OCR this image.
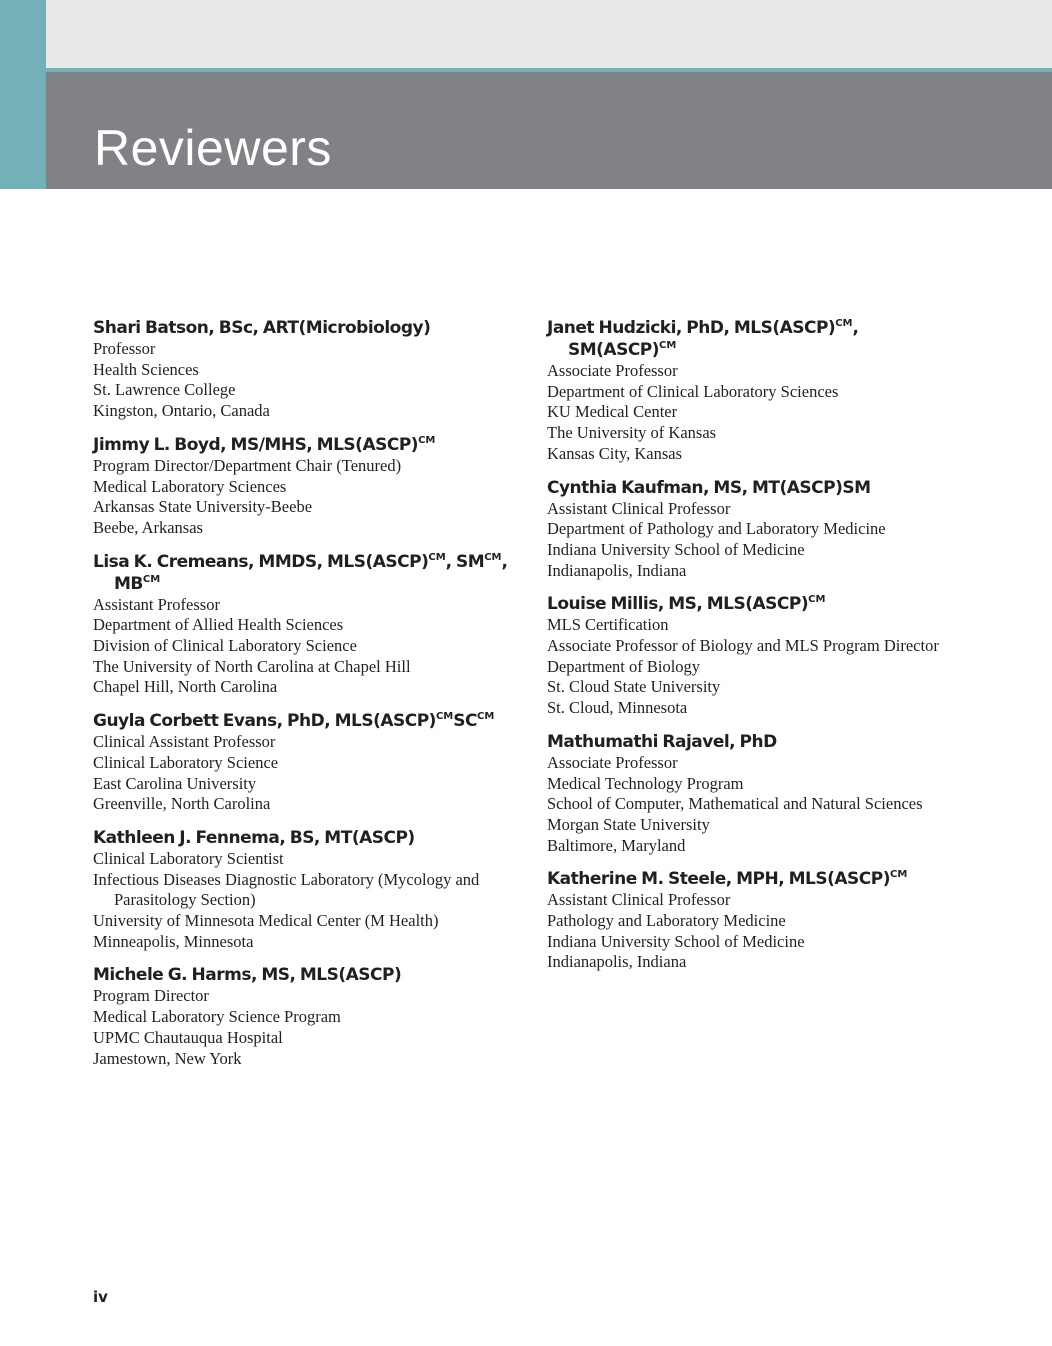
Reviewers
Shari Batson, BSc, ART(Microbiology)
Professor
Health Sciences
St. Lawrence College
Kingston, Ontario, Canada
Jimmy L. Boyd, MS/MHS, MLS(ASCP)$^{CM}$
Program Director/Department Chair (Tenured)
Medical Laboratory Sciences
Arkansas State University-Beebe
Beebe, Arkansas
Lisa K. Cremeans, MMDS, MLS(ASCP)$^{CM}$, $SM^{CM}$, $MB^{CM}$
Assistant Professor
Department of Allied Health Sciences
Division of Clinical Laboratory Science
The University of North Carolina at Chapel Hill
Chapel Hill, North Carolina
Guyla Corbett Evans, PhD, $MLS(ASCP)^{CM}SC^{CM}$
Clinical Assistant Professor
Clinical Laboratory Science
East Carolina University
Greenville, North Carolina
Kathleen J. Fennema, BS, MT(ASCP)
Clinical Laboratory Scientist
Infectious Diseases Diagnostic Laboratory (Mycology and Parasitology Section)
University of Minnesota Medical Center (M Health)
Minneapolis, Minnesota
Michele G. Harms, MS, MLS(ASCP)
Program Director
Medical Laboratory Science Program
UPMC Chautauqua Hospital
Jamestown, New York
Janet Hudzicki, PhD, MLS(ASCP)$^{CM}$, SM(ASCP)$^{CM}$
Associate Professor
Department of Clinical Laboratory Sciences
KU Medical Center
The University of Kansas
Kansas City, Kansas
Cynthia Kaufman, MS, MT(ASCP)SM
Assistant Clinical Professor
Department of Pathology and Laboratory Medicine
Indiana University School of Medicine
Indianapolis, Indiana
Louise Millis, MS, MLS(ASCP)$^{CM}$
MLS Certification
Associate Professor of Biology and MLS Program Director
Department of Biology
St. Cloud State University
St. Cloud, Minnesota
Mathumathi Rajavel, PhD
Associate Professor
Medical Technology Program
School of Computer, Mathematical and Natural Sciences
Morgan State University
Baltimore, Maryland
Katherine M. Steele, MPH, MLS(ASCP)$^{CM}$
Assistant Clinical Professor
Pathology and Laboratory Medicine
Indiana University School of Medicine
Indianapolis, Indiana
iv
